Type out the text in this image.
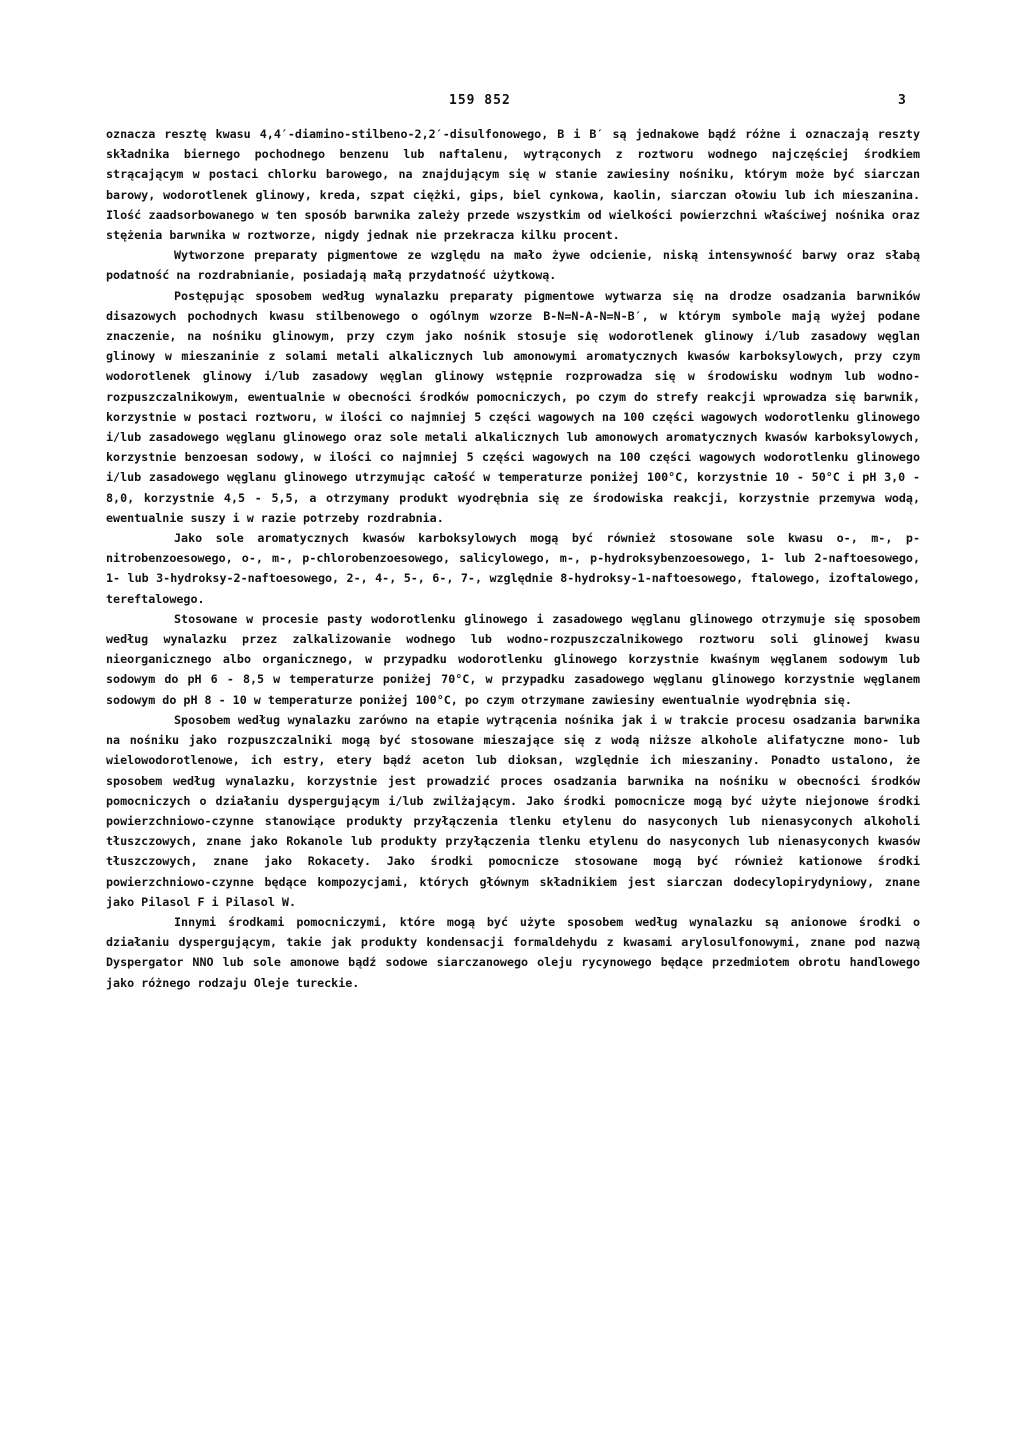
159 852	3

oznacza resztę kwasu 4,4′-diamino-stilbeno-2,2′-disulfonowego, B i B′ są jednakowe bądź różne i oznaczają reszty składnika biernego pochodnego benzenu lub naftalenu, wytrąconych z roztworu wodnego najczęściej środkiem strącającym w postaci chlorku barowego, na znajdującym się w stanie zawiesiny nośniku, którym może być siarczan barowy, wodorotlenek glinowy, kreda, szpat ciężki, gips, biel cynkowa, kaolin, siarczan ołowiu lub ich mieszanina. Ilość zaadsorbowanego w ten sposób barwnika zależy przede wszystkim od wielkości powierzchni właściwej nośnika oraz stężenia barwnika w roztworze, nigdy jednak nie przekracza kilku procent.

Wytworzone preparaty pigmentowe ze względu na mało żywe odcienie, niską intensywność barwy oraz słabą podatność na rozdrabnianie, posiadają małą przydatność użytkową.

Postępując sposobem według wynalazku preparaty pigmentowe wytwarza się na drodze osadzania barwników disazowych pochodnych kwasu stilbenowego o ogólnym wzorze B-N=N-A-N=N-B′, w którym symbole mają wyżej podane znaczenie, na nośniku glinowym, przy czym jako nośnik stosuje się wodorotlenek glinowy i/lub zasadowy węglan glinowy w mieszaninie z solami metali alkalicznych lub amonowymi aromatycznych kwasów karboksylowych, przy czym wodorotlenek glinowy i/lub zasadowy węglan glinowy wstępnie rozprowadza się w środowisku wodnym lub wodno-rozpuszczalnikowym, ewentualnie w obecności środków pomocniczych, po czym do strefy reakcji wprowadza się barwnik, korzystnie w postaci roztworu, w ilości co najmniej 5 części wagowych na 100 części wagowych wodorotlenku glinowego i/lub zasadowego węglanu glinowego oraz sole metali alkalicznych lub amonowych aromatycznych kwasów karboksylowych, korzystnie benzoesan sodowy, w ilości co najmniej 5 części wagowych na 100 części wagowych wodorotlenku glinowego i/lub zasadowego węglanu glinowego utrzymując całość w temperaturze poniżej 100°C, korzystnie 10 - 50°C i pH 3,0 - 8,0, korzystnie 4,5 - 5,5, a otrzymany produkt wyodrębnia się ze środowiska reakcji, korzystnie przemywa wodą, ewentualnie suszy i w razie potrzeby rozdrabnia.

Jako sole aromatycznych kwasów karboksylowych mogą być również stosowane sole kwasu o-, m-, p-nitrobenzoesowego, o-, m-, p-chlorobenzoesowego, salicylowego, m-, p-hydroksybenzoesowego, 1- lub 2-naftoesowego, 1- lub 3-hydroksy-2-naftoesowego, 2-, 4-, 5-, 6-, 7-, względnie 8-hydroksy-1-naftoesowego, ftalowego, izoftalowego, tereftalowego.

Stosowane w procesie pasty wodorotlenku glinowego i zasadowego węglanu glinowego otrzymuje się sposobem według wynalazku przez zalkalizowanie wodnego lub wodno-rozpuszczalnikowego roztworu soli glinowej kwasu nieorganicznego albo organicznego, w przypadku wodorotlenku glinowego korzystnie kwaśnym węglanem sodowym lub sodowym do pH 6 - 8,5 w temperaturze poniżej 70°C, w przypadku zasadowego węglanu glinowego korzystnie węglanem sodowym do pH 8 - 10 w temperaturze poniżej 100°C, po czym otrzymane zawiesiny ewentualnie wyodrębnia się.

Sposobem według wynalazku zarówno na etapie wytrącenia nośnika jak i w trakcie procesu osadzania barwnika na nośniku jako rozpuszczalniki mogą być stosowane mieszające się z wodą niższe alkohole alifatyczne mono- lub wielowodorotlenowe, ich estry, etery bądź aceton lub dioksan, względnie ich mieszaniny. Ponadto ustalono, że sposobem według wynalazku, korzystnie jest prowadzić proces osadzania barwnika na nośniku w obecności środków pomocniczych o działaniu dyspergującym i/lub zwilżającym. Jako środki pomocnicze mogą być użyte niejonowe środki powierzchniowo-czynne stanowiące produkty przyłączenia tlenku etylenu do nasyconych lub nienasyconych alkoholi tłuszczowych, znane jako Rokanole lub produkty przyłączenia tlenku etylenu do nasyconych lub nienasyconych kwasów tłuszczowych, znane jako Rokacety. Jako środki pomocnicze stosowane mogą być również kationowe środki powierzchniowo-czynne będące kompozycjami, których głównym składnikiem jest siarczan dodecylopirydyniowy, znane jako Pilasol F i Pilasol W.

Innymi środkami pomocniczymi, które mogą być użyte sposobem według wynalazku są anionowe środki o działaniu dyspergującym, takie jak produkty kondensacji formaldehydu z kwasami arylosulfonowymi, znane pod nazwą Dyspergator NNO lub sole amonowe bądź sodowe siarczanowego oleju rycynowego będące przedmiotem obrotu handlowego jako różnego rodzaju Oleje tureckie.
